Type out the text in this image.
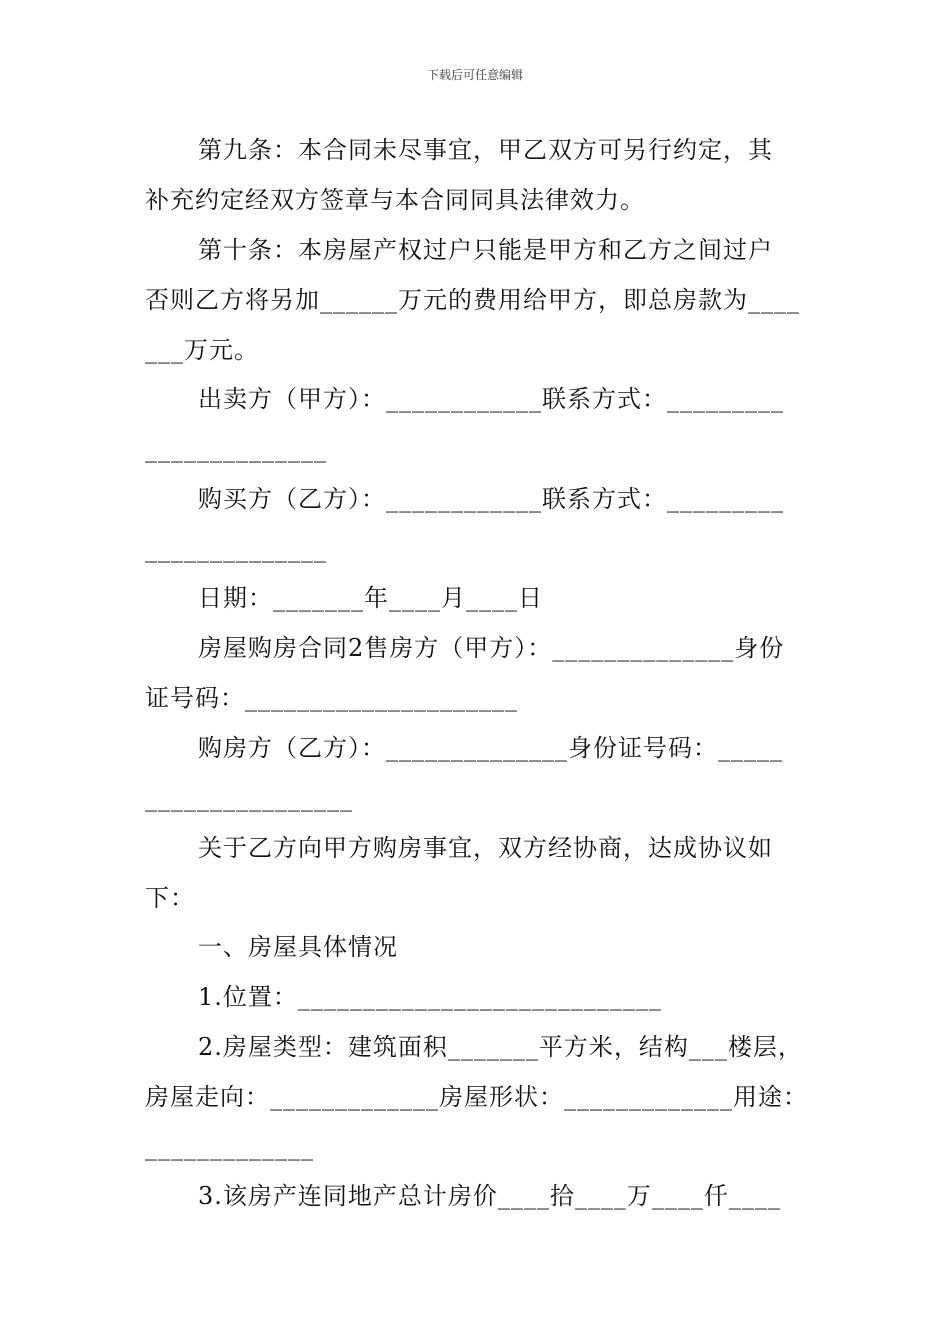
下载后可任意编辑
第九条：本合同未尽事宜，甲乙双方可另行约定，其
补充约定经双方签章与本合同同具法律效力。
第十条：本房屋产权过户只能是甲方和乙方之间过户
否则乙方将另加______万元的费用给甲方，即总房款为____
___万元。
出卖方（甲方）：____________联系方式：_________
______________
购买方（乙方）：____________联系方式：_________
______________
日期：_______年____月____日
房屋购房合同2售房方（甲方）：______________身份
证号码：_____________________
购房方（乙方）：______________身份证号码：_____
________________
关于乙方向甲方购房事宜，双方经协商，达成协议如
下：
一、房屋具体情况
1.位置：____________________________
2.房屋类型：建筑面积_______平方米，结构___楼层，
房屋走向：_____________房屋形状：_____________用途：
_____________
3.该房产连同地产总计房价____拾____万____仟____
